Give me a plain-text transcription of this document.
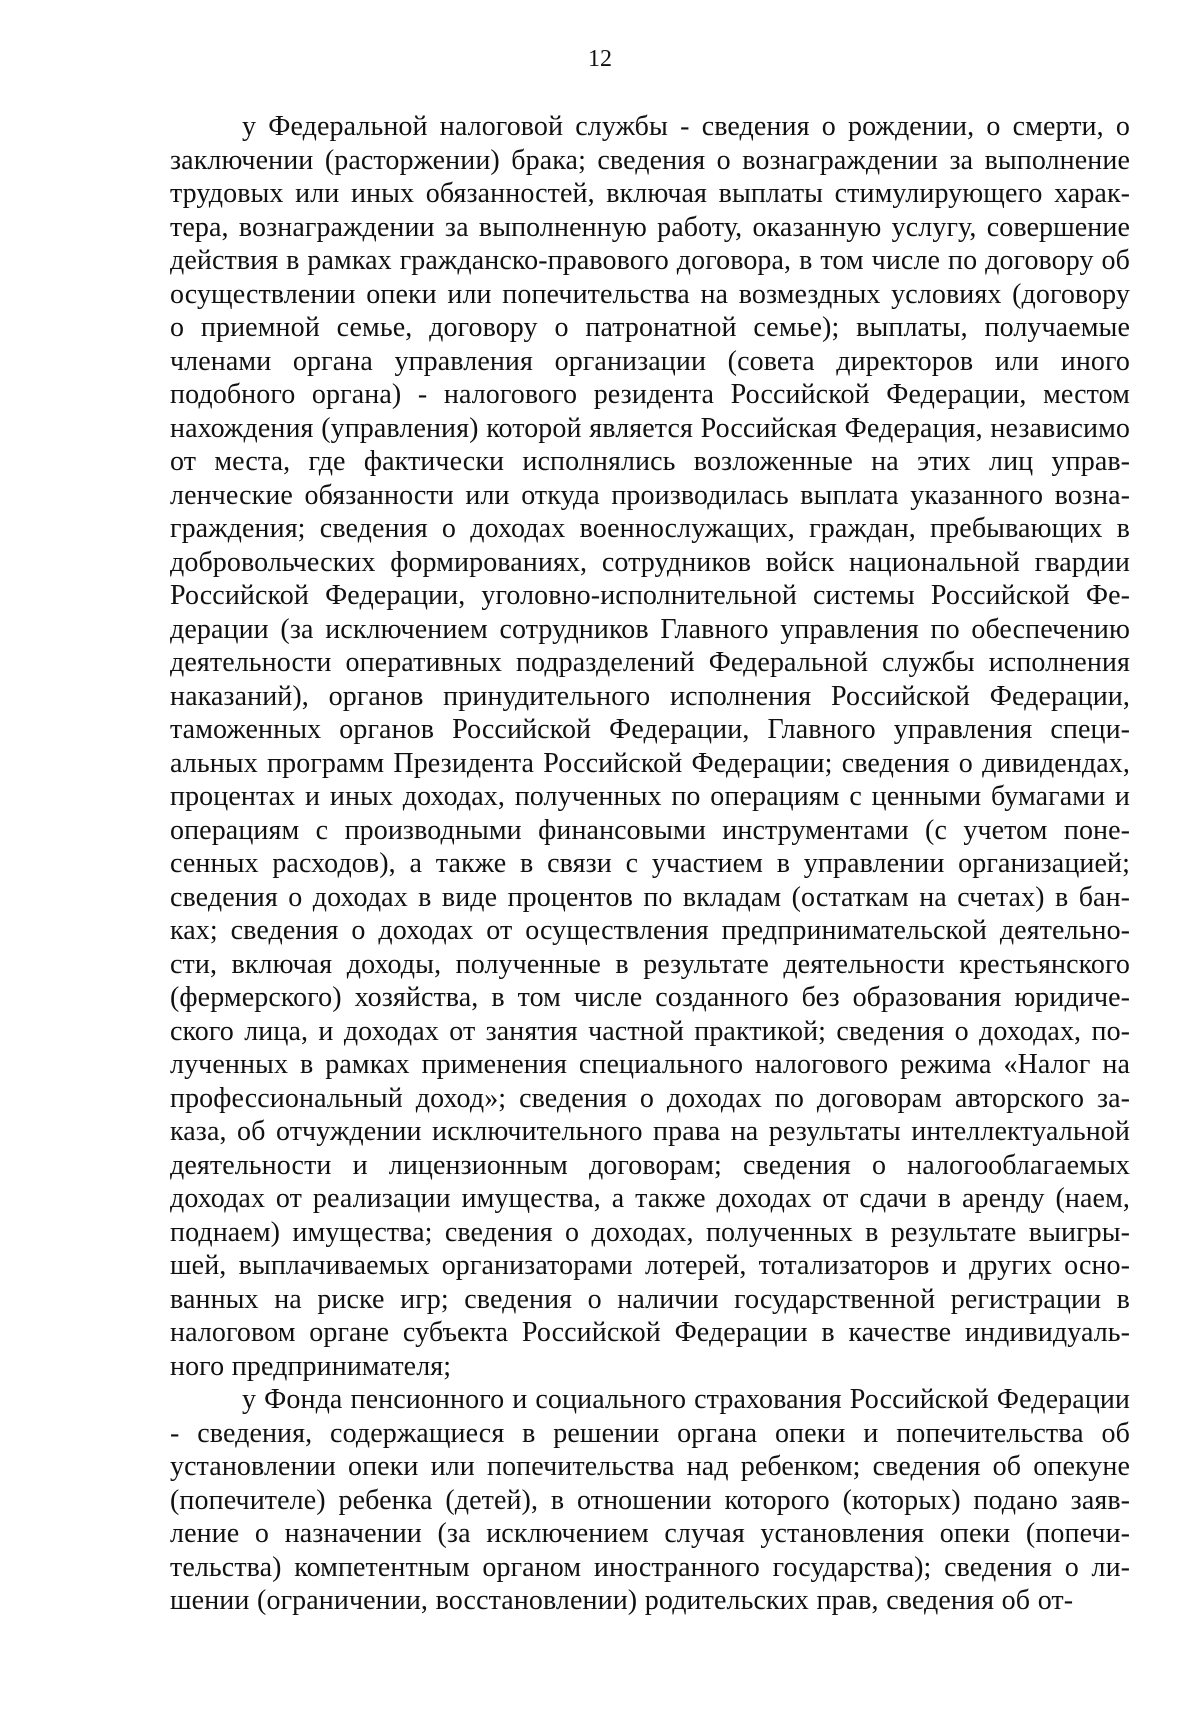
12

у Федеральной налоговой службы - сведения о рождении, о смерти, о заключении (расторжении) брака; сведения о вознаграждении за выполнение трудовых или иных обязанностей, включая выплаты стимулирующего характера, вознаграждении за выполненную работу, оказанную услугу, совершение действия в рамках гражданско-правового договора, в том числе по договору об осуществлении опеки или попечительства на возмездных условиях (договору о приемной семье, договору о патронатной семье); выплаты, получаемые членами органа управления организации (совета директоров или иного подобного органа) - налогового резидента Российской Федерации, местом нахождения (управления) которой является Российская Федерация, независимо от места, где фактически исполнялись возложенные на этих лиц управленческие обязанности или откуда производилась выплата указанного вознаграждения; сведения о доходах военнослужащих, граждан, пребывающих в добровольческих формированиях, сотрудников войск национальной гвардии Российской Федерации, уголовно-исполнительной системы Российской Федерации (за исключением сотрудников Главного управления по обеспечению деятельности оперативных подразделений Федеральной службы исполнения наказаний), органов принудительного исполнения Российской Федерации, таможенных органов Российской Федерации, Главного управления специальных программ Президента Российской Федерации; сведения о дивидендах, процентах и иных доходах, полученных по операциям с ценными бумагами и операциям с производными финансовыми инструментами (с учетом понесенных расходов), а также в связи с участием в управлении организацией; сведения о доходах в виде процентов по вкладам (остаткам на счетах) в банках; сведения о доходах от осуществления предпринимательской деятельности, включая доходы, полученные в результате деятельности крестьянского (фермерского) хозяйства, в том числе созданного без образования юридического лица, и доходах от занятия частной практикой; сведения о доходах, полученных в рамках применения специального налогового режима «Налог на профессиональный доход»; сведения о доходах по договорам авторского заказа, об отчуждении исключительного права на результаты интеллектуальной деятельности и лицензионным договорам; сведения о налогооблагаемых доходах от реализации имущества, а также доходах от сдачи в аренду (наем, поднаем) имущества; сведения о доходах, полученных в результате выигрышей, выплачиваемых организаторами лотерей, тотализаторов и других основанных на риске игр; сведения о наличии государственной регистрации в налоговом органе субъекта Российской Федерации в качестве индивидуального предпринимателя;

у Фонда пенсионного и социального страхования Российской Федерации - сведения, содержащиеся в решении органа опеки и попечительства об установлении опеки или попечительства над ребенком; сведения об опекуне (попечителе) ребенка (детей), в отношении которого (которых) подано заявление о назначении (за исключением случая установления опеки (попечительства) компетентным органом иностранного государства); сведения о лишении (ограничении, восстановлении) родительских прав, сведения об от-
